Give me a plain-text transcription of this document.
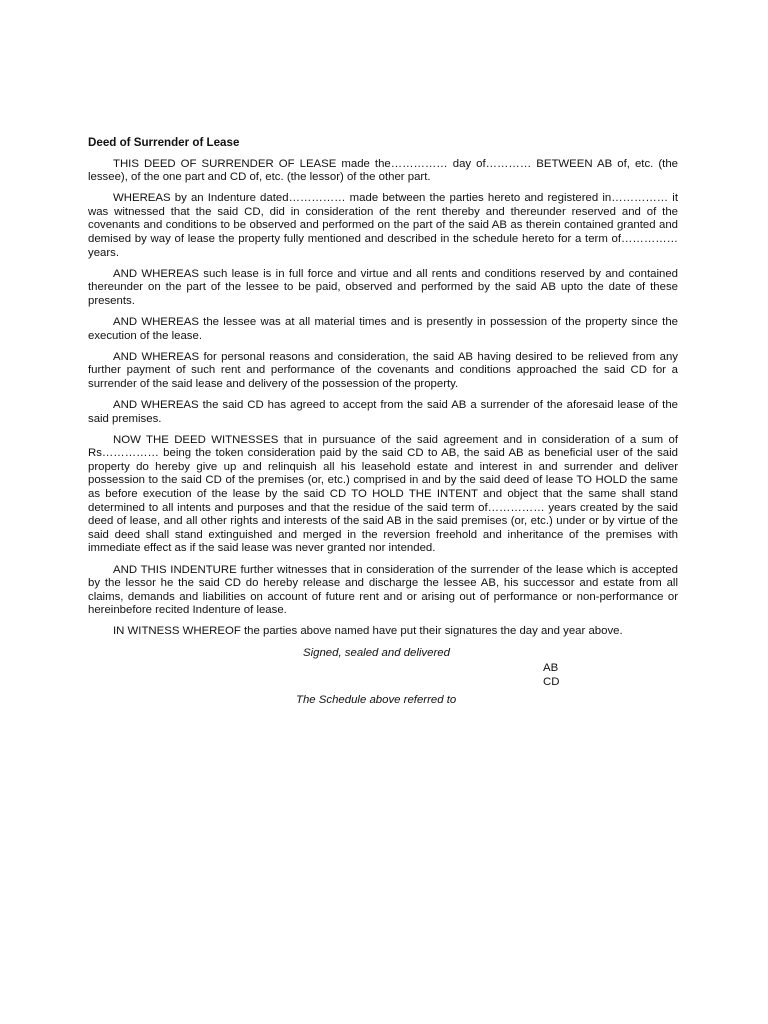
Deed of Surrender of Lease

THIS DEED OF SURRENDER OF LEASE made the…………… day of………… BETWEEN AB of, etc. (the lessee), of the one part and CD of, etc. (the lessor) of the other part.

WHEREAS by an Indenture dated…………… made between the parties hereto and registered in…………… it was witnessed that the said CD, did in consideration of the rent thereby and thereunder reserved and of the covenants and conditions to be observed and performed on the part of the said AB as therein contained granted and demised by way of lease the property fully mentioned and described in the schedule hereto for a term of…………… years.

AND WHEREAS such lease is in full force and virtue and all rents and conditions reserved by and contained thereunder on the part of the lessee to be paid, observed and performed by the said AB upto the date of these presents.

AND WHEREAS the lessee was at all material times and is presently in possession of the property since the execution of the lease.

AND WHEREAS for personal reasons and consideration, the said AB having desired to be relieved from any further payment of such rent and performance of the covenants and conditions approached the said CD for a surrender of the said lease and delivery of the possession of the property.

AND WHEREAS the said CD has agreed to accept from the said AB a surrender of the aforesaid lease of the said premises.

NOW THE DEED WITNESSES that in pursuance of the said agreement and in consideration of a sum of Rs…………… being the token consideration paid by the said CD to AB, the said AB as beneficial user of the said property do hereby give up and relinquish all his leasehold estate and interest in and surrender and deliver possession to the said CD of the premises (or, etc.) comprised in and by the said deed of lease TO HOLD the same as before execution of the lease by the said CD TO HOLD THE INTENT and object that the same shall stand determined to all intents and purposes and that the residue of the said term of…………… years created by the said deed of lease, and all other rights and interests of the said AB in the said premises (or, etc.) under or by virtue of the said deed shall stand extinguished and merged in the reversion freehold and inheritance of the premises with immediate effect as if the said lease was never granted nor intended.

AND THIS INDENTURE further witnesses that in consideration of the surrender of the lease which is accepted by the lessor he the said CD do hereby release and discharge the lessee AB, his successor and estate from all claims, demands and liabilities on account of future rent and or arising out of performance or non-performance or hereinbefore recited Indenture of lease.

IN WITNESS WHEREOF the parties above named have put their signatures the day and year above.

Signed, sealed and delivered
AB
CD
The Schedule above referred to
